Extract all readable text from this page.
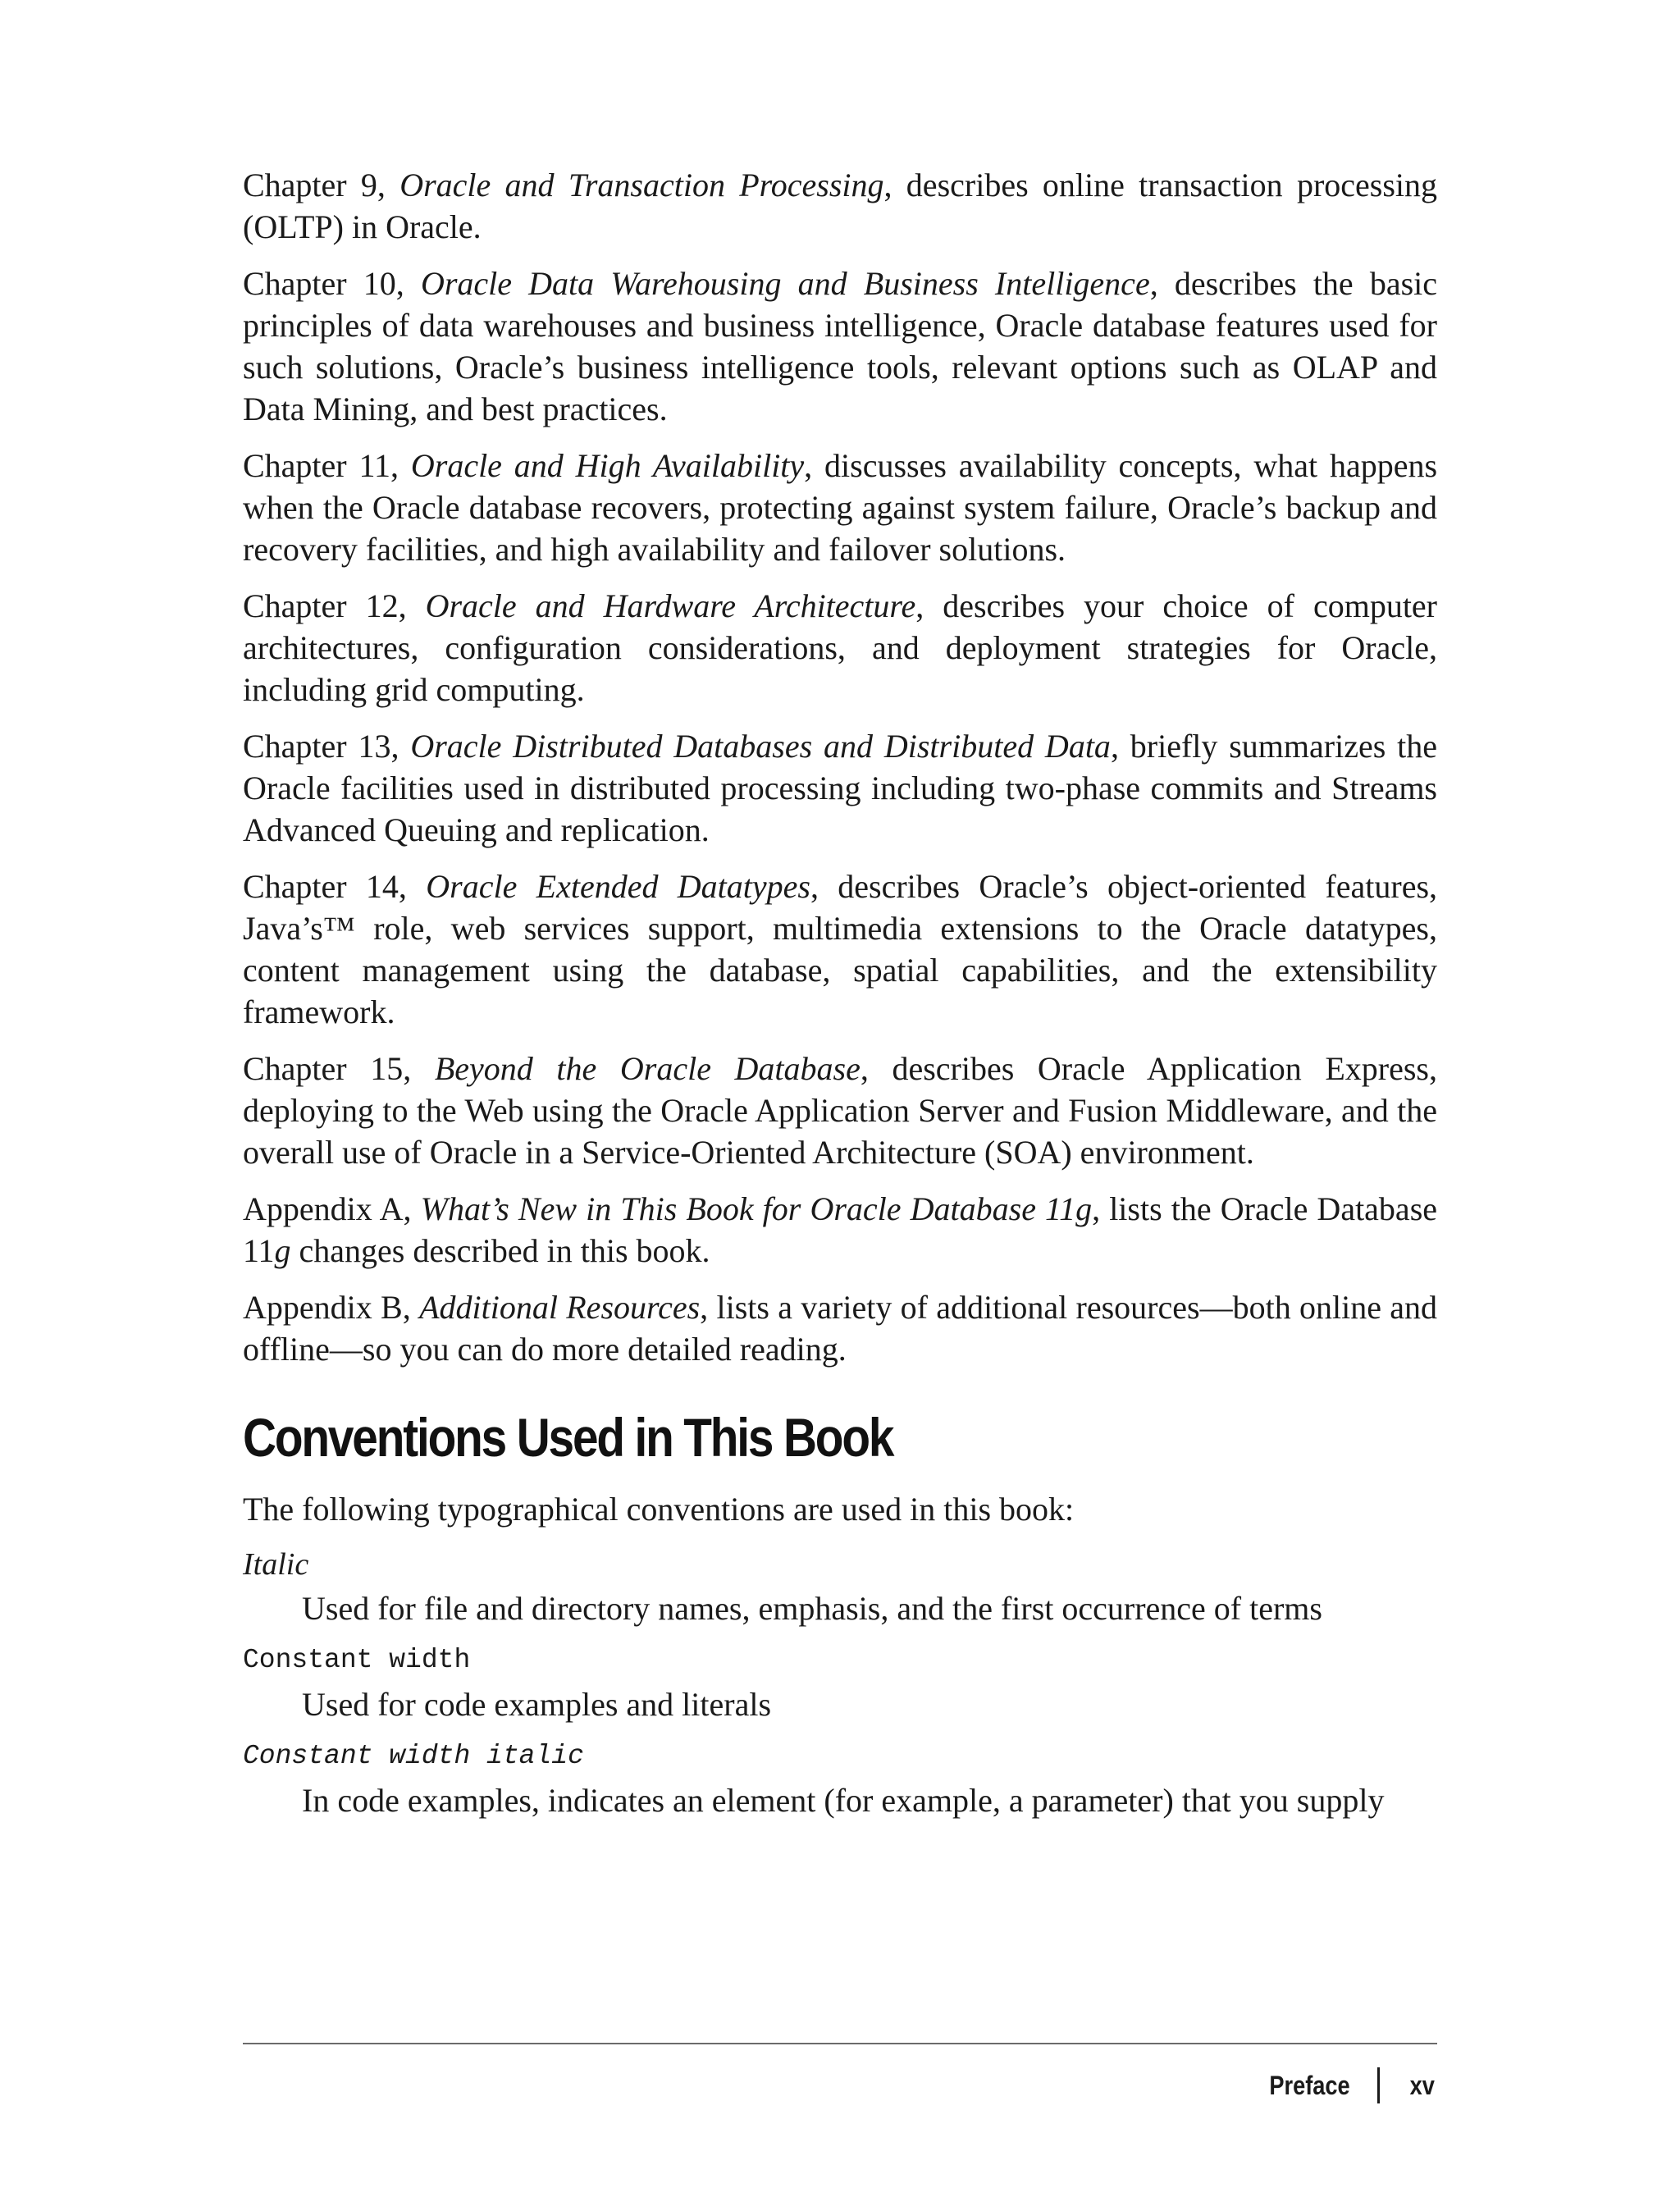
Chapter 9, Oracle and Transaction Processing, describes online transaction processing (OLTP) in Oracle.

Chapter 10, Oracle Data Warehousing and Business Intelligence, describes the basic principles of data warehouses and business intelligence, Oracle database features used for such solutions, Oracle’s business intelligence tools, relevant options such as OLAP and Data Mining, and best practices.

Chapter 11, Oracle and High Availability, discusses availability concepts, what happens when the Oracle database recovers, protecting against system failure, Oracle’s backup and recovery facilities, and high availability and failover solutions.

Chapter 12, Oracle and Hardware Architecture, describes your choice of computer architectures, configuration considerations, and deployment strategies for Oracle, including grid computing.

Chapter 13, Oracle Distributed Databases and Distributed Data, briefly summarizes the Oracle facilities used in distributed processing including two-phase commits and Streams Advanced Queuing and replication.

Chapter 14, Oracle Extended Datatypes, describes Oracle’s object-oriented features, Java’s™ role, web services support, multimedia extensions to the Oracle datatypes, content management using the database, spatial capabilities, and the extensibility framework.

Chapter 15, Beyond the Oracle Database, describes Oracle Application Express, deploying to the Web using the Oracle Application Server and Fusion Middleware, and the overall use of Oracle in a Service-Oriented Architecture (SOA) environment.

Appendix A, What’s New in This Book for Oracle Database 11g, lists the Oracle Database 11g changes described in this book.

Appendix B, Additional Resources, lists a variety of additional resources—both online and offline—so you can do more detailed reading.

Conventions Used in This Book

The following typographical conventions are used in this book:

Italic

Used for file and directory names, emphasis, and the first occurrence of terms

Constant width

Used for code examples and literals

Constant width italic

In code examples, indicates an element (for example, a parameter) that you supply

Preface xv
